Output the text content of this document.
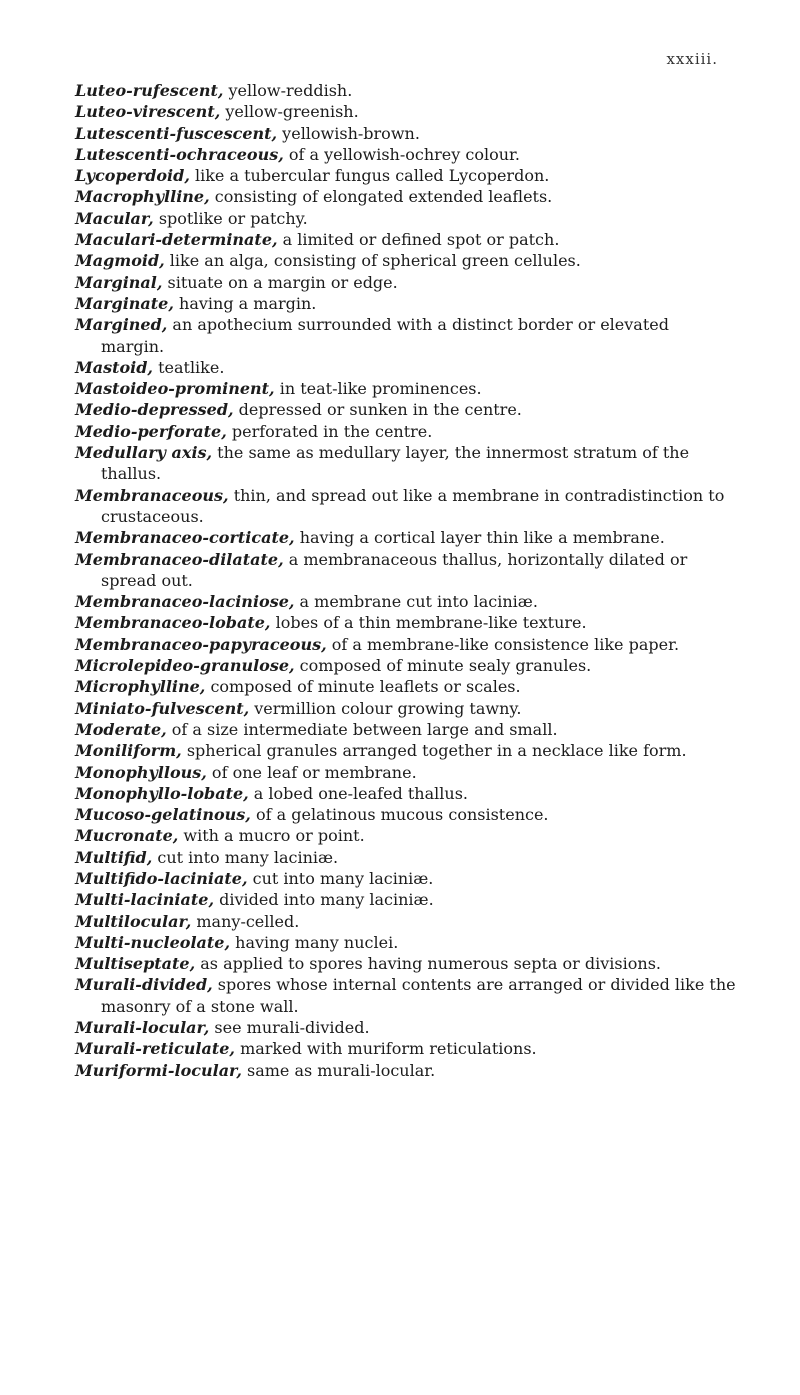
xxxiii.

Luteo-rufescent, yellow-reddish.

Luteo-virescent, yellow-greenish.

Lutescenti-fuscescent, yellowish-brown.

Lutescenti-ochraceous, of a yellowish-ochrey colour.

Lycoperdoid, like a tubercular fungus called Lycoperdon.

Macrophylline, consisting of elongated extended leaflets.

Macular, spotlike or patchy.

Maculari-determinate, a limited or defined spot or patch.

Magmoid, like an alga, consisting of spherical green cellules.

Marginal, situate on a margin or edge.

Marginate, having a margin.

Margined, an apothecium surrounded with a distinct border or elevated margin.

Mastoid, teatlike.

Mastoideo-prominent, in teat-like prominences.

Medio-depressed, depressed or sunken in the centre.

Medio-perforate, perforated in the centre.

Medullary axis, the same as medullary layer, the innermost stratum of the thallus.

Membranaceous, thin, and spread out like a membrane in contradistinction to crustaceous.

Membranaceo-corticate, having a cortical layer thin like a membrane.

Membranaceo-dilatate, a membranaceous thallus, horizontally dilated or spread out.

Membranaceo-laciniose, a membrane cut into laciniæ.

Membranaceo-lobate, lobes of a thin membrane-like texture.

Membranaceo-papyraceous, of a membrane-like consistence like paper.

Microlepideo-granulose, composed of minute sealy granules.

Microphylline, composed of minute leaflets or scales.

Miniato-fulvescent, vermillion colour growing tawny.

Moderate, of a size intermediate between large and small.

Moniliform, spherical granules arranged together in a necklace like form.

Monophyllous, of one leaf or membrane.

Monophyllo-lobate, a lobed one-leafed thallus.

Mucoso-gelatinous, of a gelatinous mucous consistence.

Mucronate, with a mucro or point.

Multifid, cut into many laciniæ.

Multifido-laciniate, cut into many laciniæ.

Multi-laciniate, divided into many laciniæ.

Multilocular, many-celled.

Multi-nucleolate, having many nuclei.

Multiseptate, as applied to spores having numerous septa or divisions.

Murali-divided, spores whose internal contents are arranged or divided like the masonry of a stone wall.

Murali-locular, see murali-divided.

Murali-reticulate, marked with muriform reticulations.

Muriformi-locular, same as murali-locular.
